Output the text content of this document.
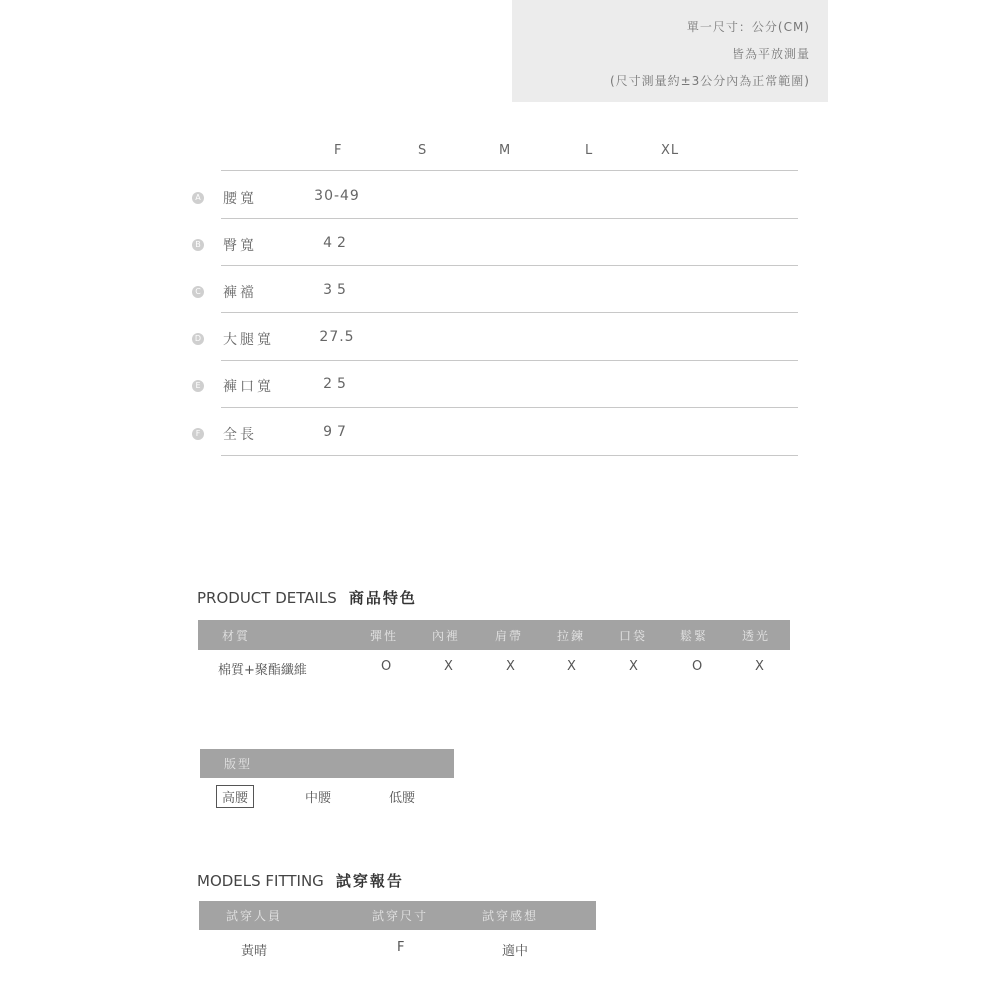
單一尺寸：公分(CM)
皆為平放測量
(尺寸測量約±3公分內為正常範圍)
F	S	M	L	XL
A 腰寬	30-49
B 臀寬	42
C 褲襠	35
D 大腿寬	27.5
E 褲口寬	25
F 全長	97
PRODUCT DETAILS 商品特色
材質	彈性	內裡	肩帶	拉鍊	口袋	鬆緊	透光
棉質+聚酯纖維	O	X	X	X	X	O	X
版型
高腰	中腰	低腰
MODELS FITTING 試穿報告
試穿人員	試穿尺寸	試穿感想
黃晴	F	適中
